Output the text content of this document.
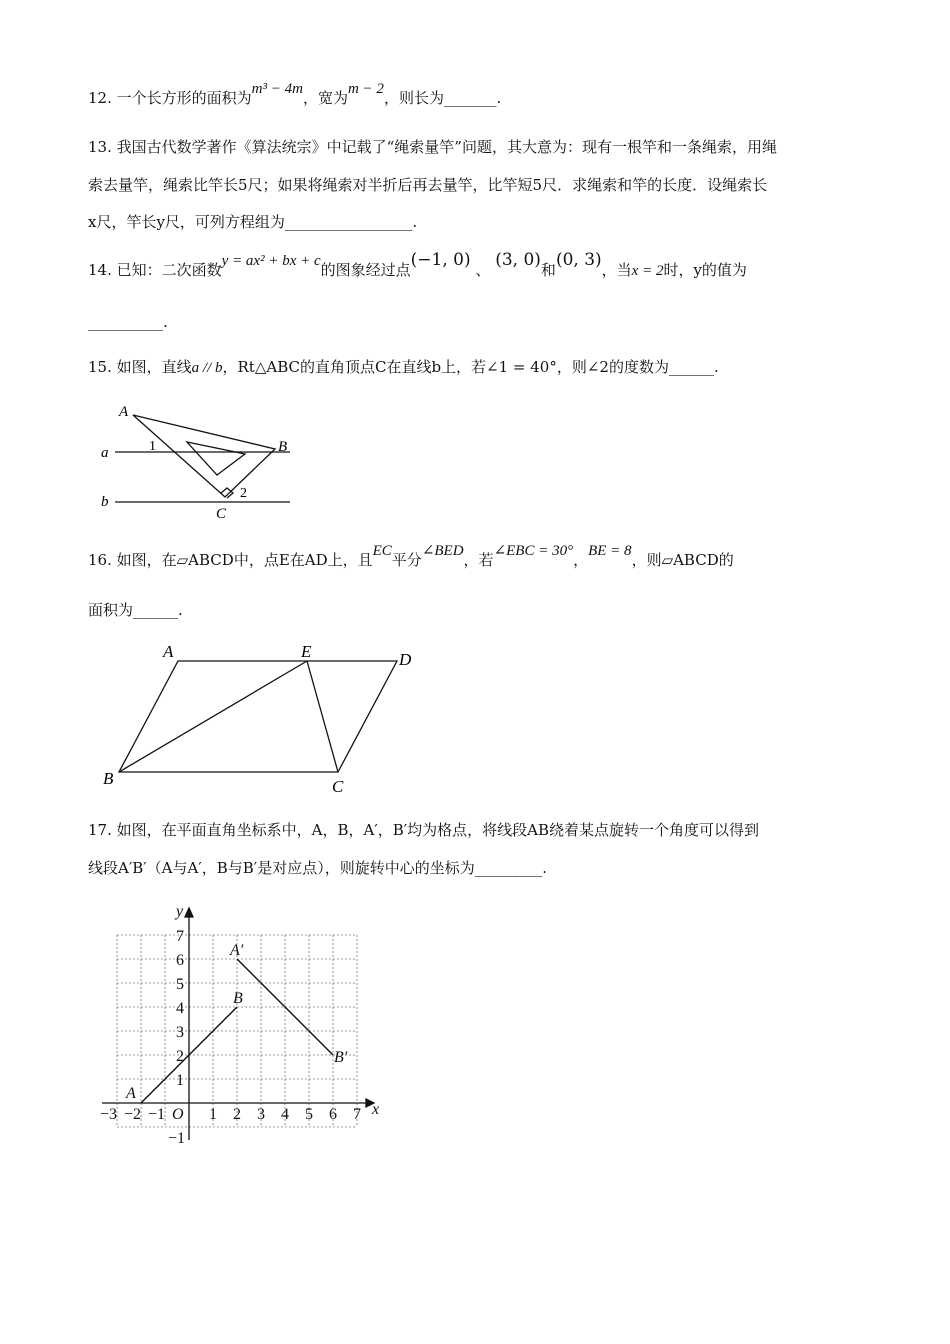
12. 一个长方形的面积为m³ − 4m，宽为m − 2，则长为_______.
13. 我国古代数学著作《算法统宗》中记载了“绳索量竿”问题，其大意为：现有一根竿和一条绳索，用绳
索去量竿，绳索比竿长5尺；如果将绳索对半折后再去量竿，比竿短5尺．求绳索和竿的长度．设绳索长
x尺，竿长y尺，可列方程组为_________________.
14. 已知：二次函数y = ax² + bx + c的图象经过点(−1, 0) 、 (3, 0)和(0, 3)，当x = 2时，y的值为
__________.
15. 如图，直线a // b，Rt△ABC的直角顶点C在直线b上，若∠1 = 40°，则∠2的度数为______.
A
B
C
a
b
1
2
16. 如图，在▱ABCD中，点E在AD上，且EC平分∠BED，若∠EBC = 30°，BE = 8，则▱ABCD的
面积为______.
A	E	D
B	C
17. 如图，在平面直角坐标系中，A，B，A′，B′均为格点，将线段AB绕着某点旋转一个角度可以得到
线段A′B′（A与A′，B与B′是对应点），则旋转中心的坐标为_________.
x
y
O
−3 −2 −1	1 2 3 4 5 6 7
7
6
5
4
3
2
1
−1
A
B
A′
B′
